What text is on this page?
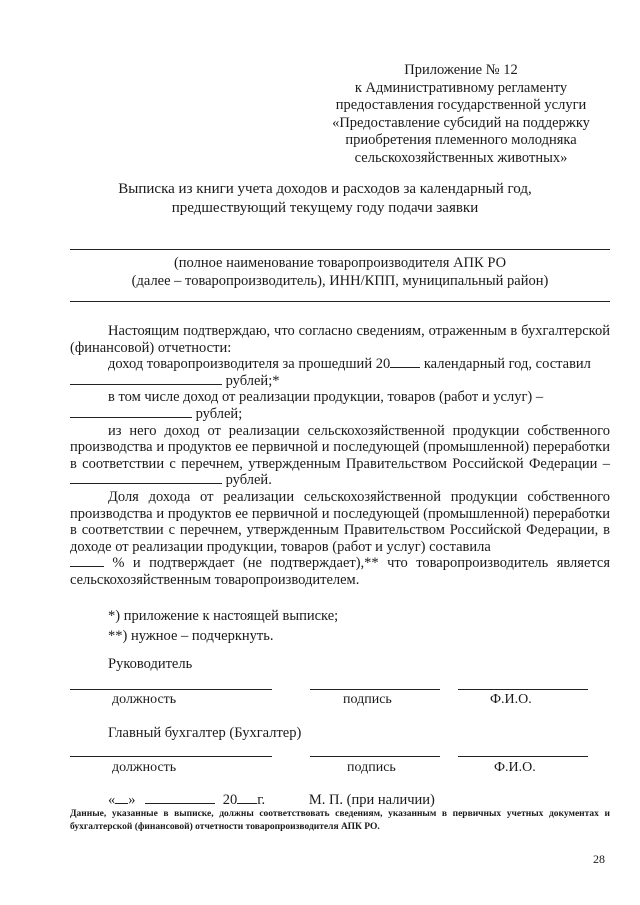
Приложение № 12
к Административному регламенту
предоставления государственной услуги
«Предоставление субсидий на поддержку
приобретения племенного молодняка
сельскохозяйственных животных»
Выписка из книги учета доходов и расходов за календарный год,
предшествующий текущему году подачи заявки
(полное наименование товаропроизводителя АПК РО
(далее – товаропроизводитель), ИНН/КПП, муниципальный район)

Настоящим подтверждаю, что согласно сведениям, отраженным в бухгалтерской (финансовой) отчетности:

доход товаропроизводителя за прошедший 20 календарный год, составил

рублей;*

в том числе доход от реализации продукции, товаров (работ и услуг) –

рублей;

из него доход от реализации сельскохозяйственной продукции собственного производства и продуктов ее первичной и последующей (промышленной) переработки в соответствии с перечнем, утвержденным Правительством Российской Федерации –  рублей.

Доля дохода от реализации сельскохозяйственной продукции собственного производства и продуктов ее первичной и последующей (промышленной) переработки в соответствии с перечнем, утвержденным Правительством Российской Федерации, в доходе от реализации продукции, товаров (работ и услуг) составила

% и подтверждает (не подтверждает),** что товаропроизводитель является сельскохозяйственным товаропроизводителем.

*) приложение к настоящей выписке;
**) нужное – подчеркнуть.
Руководитель
должность	подпись	Ф.И.О.
Главный бухгалтер (Бухгалтер)
должность	подпись	Ф.И.О.
« »	20 г.	М. П. (при наличии)
Данные, указанные в выписке, должны соответствовать сведениям, указанным в первичных учетных документах и бухгалтерской (финансовой) отчетности товаропроизводителя АПК РО.
28
